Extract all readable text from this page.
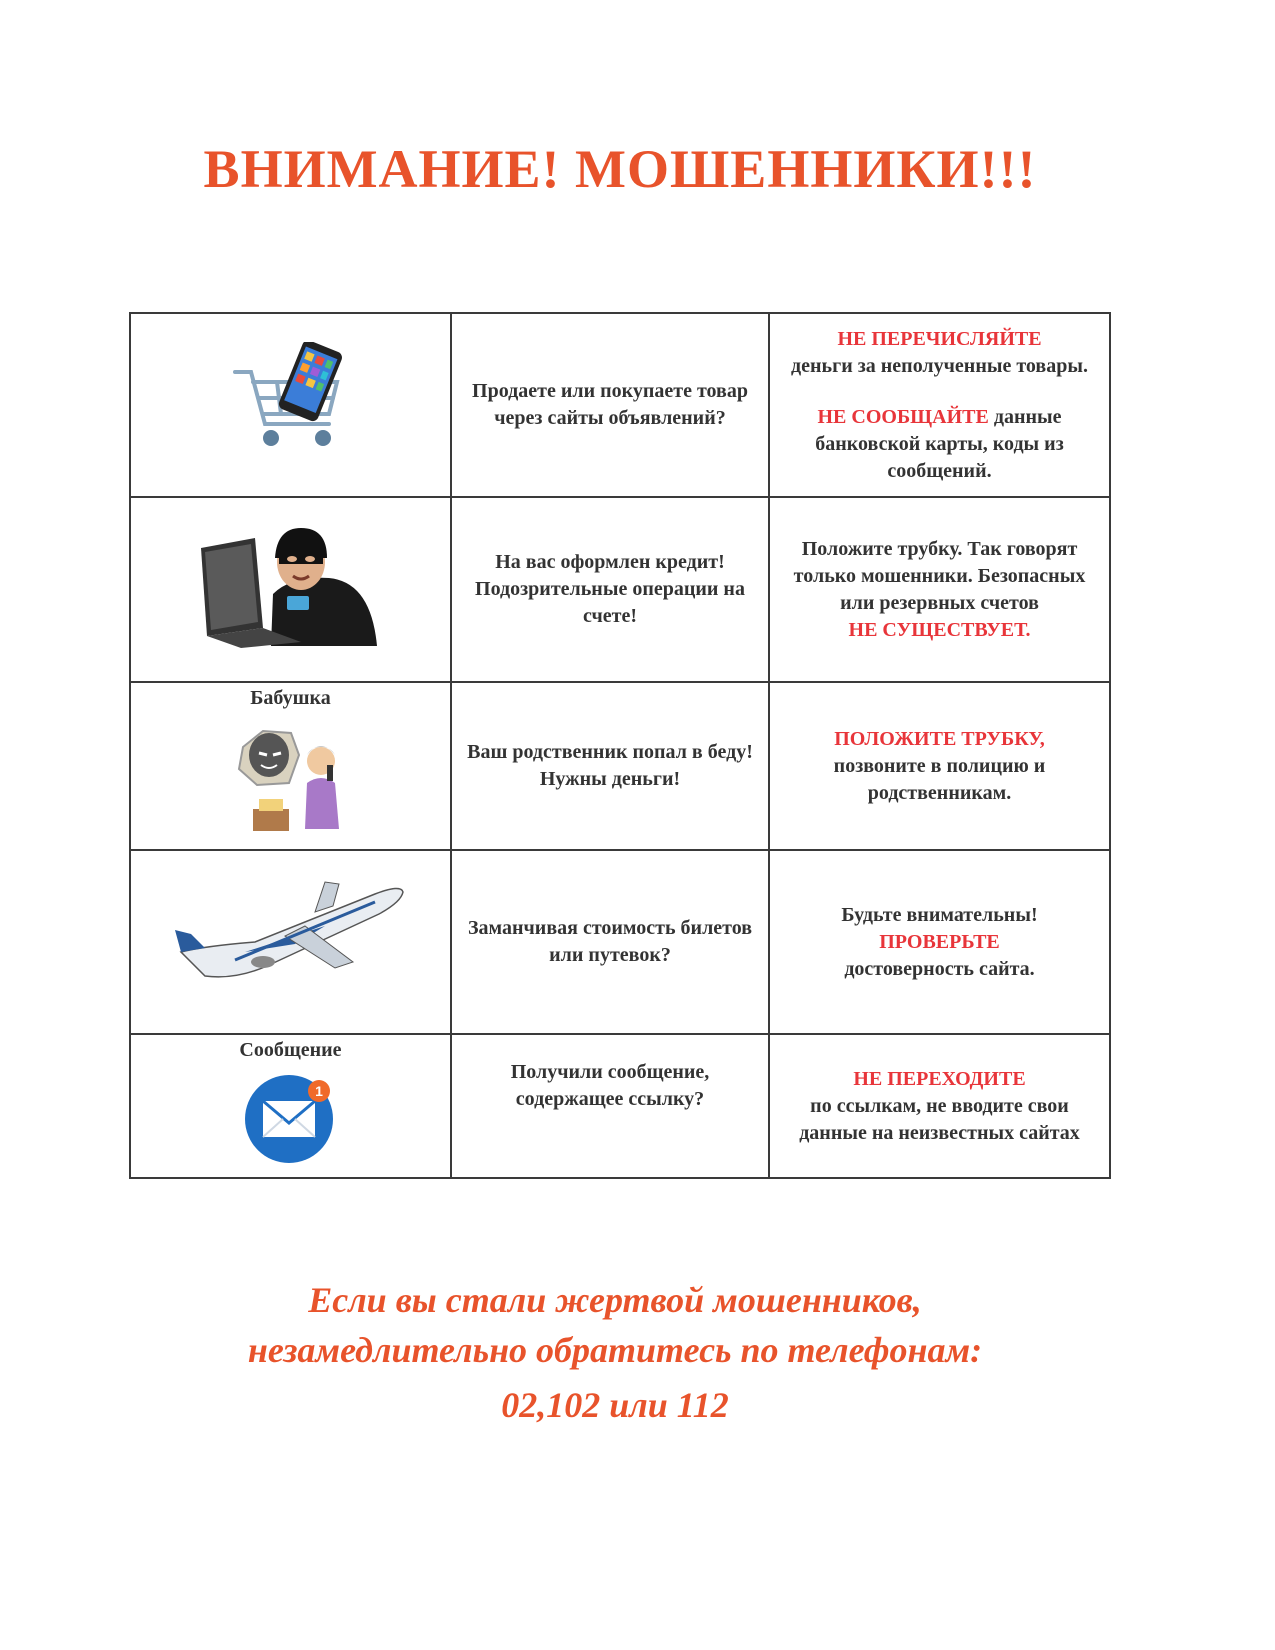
ВНИМАНИЕ! МОШЕННИКИ!!!
	Продаете или покупаете товар через сайты объявлений?	НЕ ПЕРЕЧИСЛЯЙТЕ
деньги за неполученные товары.
НЕ СООБЩАЙТЕ данные банковской карты, коды из сообщений.
	На вас оформлен кредит! Подозрительные операции на счете!	Положите трубку. Так говорят только мошенники. Безопасных или резервных счетов
НЕ СУЩЕСТВУЕТ.

Бабушка	Ваш родственник попал в беду! Нужны деньги!	ПОЛОЖИТЕ ТРУБКУ,
позвоните в полицию и родственникам.
	Заманчивая стоимость билетов или путевок?	Будьте внимательны!
ПРОВЕРЬТЕ
достоверность сайта.

Сообщение
1	Получили сообщение, содержащее ссылку?	НЕ ПЕРЕХОДИТЕ
по ссылкам, не вводите свои данные на неизвестных сайтах

Если вы стали жертвой мошенников,

незамедлительно обратитесь по телефонам:

02,102 или 112
